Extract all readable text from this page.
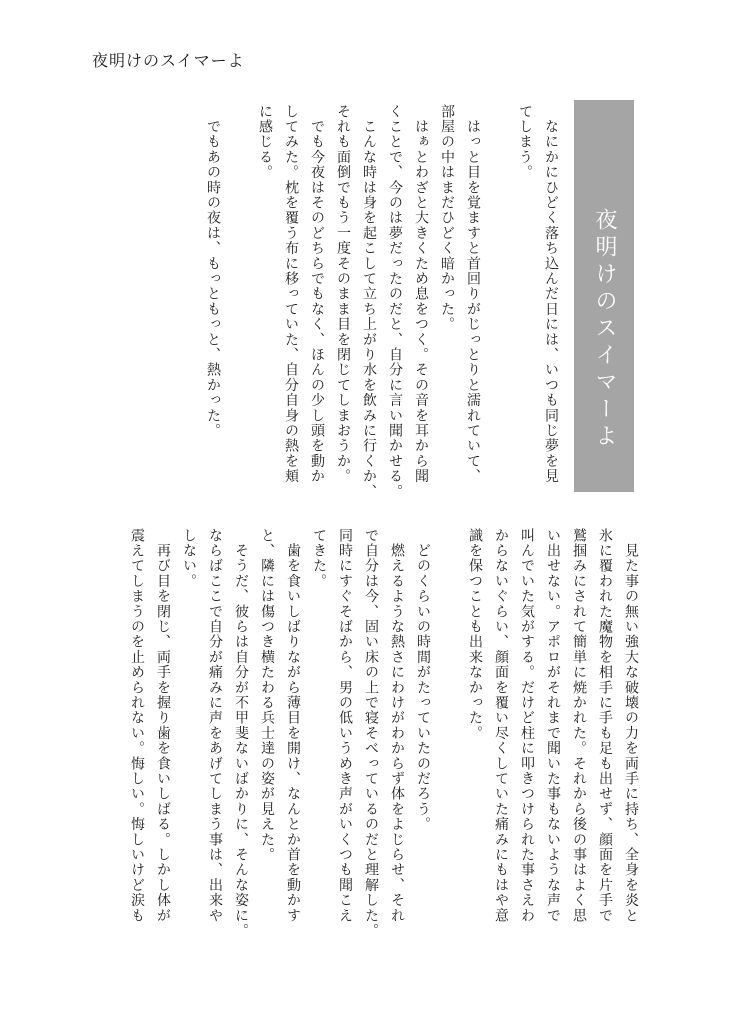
夜明けのスイマーよ
夜明けのスイマーよ

　なにかにひどく落ち込んだ日には、いつも同じ夢を見
てしまう。

　はっと目を覚ますと首回りがじっとりと濡れていて、
部屋の中はまだひどく暗かった。

　はぁとわざと大きくため息をつく。その音を耳から聞
くことで、今のは夢だったのだと、自分に言い聞かせる。

　こんな時は身を起こして立ち上がり水を飲みに行くか、
それも面倒でもう一度そのまま目を閉じてしまおうか。

　でも今夜はそのどちらでもなく、ほんの少し頭を動か
してみた。枕を覆う布に移っていた、自分自身の熱を頬
に感じる。

　でもあの時の夜は、もっともっと、熱かった。

　見た事の無い強大な破壊の力を両手に持ち、全身を炎と
氷に覆われた魔物を相手に手も足も出せず、顔面を片手で
鷲掴みにされて簡単に焼かれた。それから後の事はよく思
い出せない。アポロがそれまで聞いた事もないような声で
叫んでいた気がする。だけど柱に叩きつけられた事さえわ
からないぐらい、顔面を覆い尽くしていた痛みにもはや意
識を保つことも出来なかった。

　どのくらいの時間がたっていたのだろう。

　燃えるような熱さにわけがわからず体をよじらせ、それ
で自分は今、固い床の上で寝そべっているのだと理解した。
同時にすぐそばから、男の低いうめき声がいくつも聞こえ
てきた。

　歯を食いしばりながら薄目を開け、なんとか首を動かす
と、隣には傷つき横たわる兵士達の姿が見えた。

　そうだ、彼らは自分が不甲斐ないばかりに、そんな姿に。
ならばここで自分が痛みに声をあげてしまう事は、出来や
しない。

　再び目を閉じ、両手を握り歯を食いしばる。しかし体が
震えてしまうのを止められない。悔しい。悔しいけど涙も
